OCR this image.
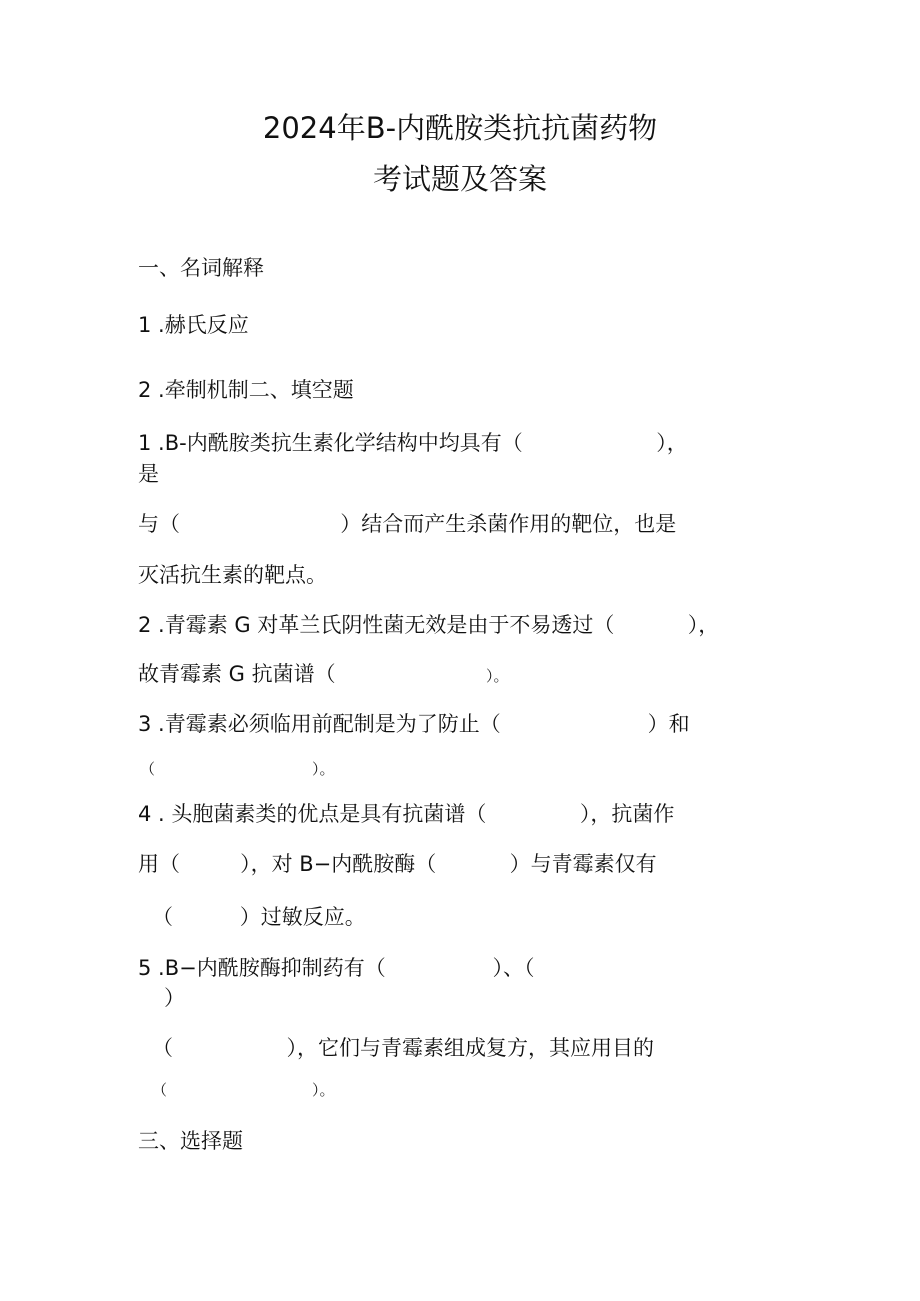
2024年B-内酰胺类抗抗菌药物
考试题及答案
一、名词解释
1 .赫氏反应
2 .牵制机制二、填空题
1 .B-内酰胺类抗生素化学结构中均具有（                    ），
是
与（                        ）结合而产生杀菌作用的靶位，也是
灭活抗生素的靶点。
2 .青霉素 G 对革兰氏阴性菌无效是由于不易透过（           ），
故青霉素 G 抗菌谱（	）。
3 .青霉素必须临用前配制是为了防止（                      ）和
（	）。
4 . 头胞菌素类的优点是具有抗菌谱（              ），抗菌作
用（         ），对 B−内酰胺酶（           ）与青霉素仅有
（          ）过敏反应。
5 .B−内酰胺酶抑制药有（                ）、（
）
（                 ），它们与青霉素组成复方，其应用目的
（	）。
三、选择题
